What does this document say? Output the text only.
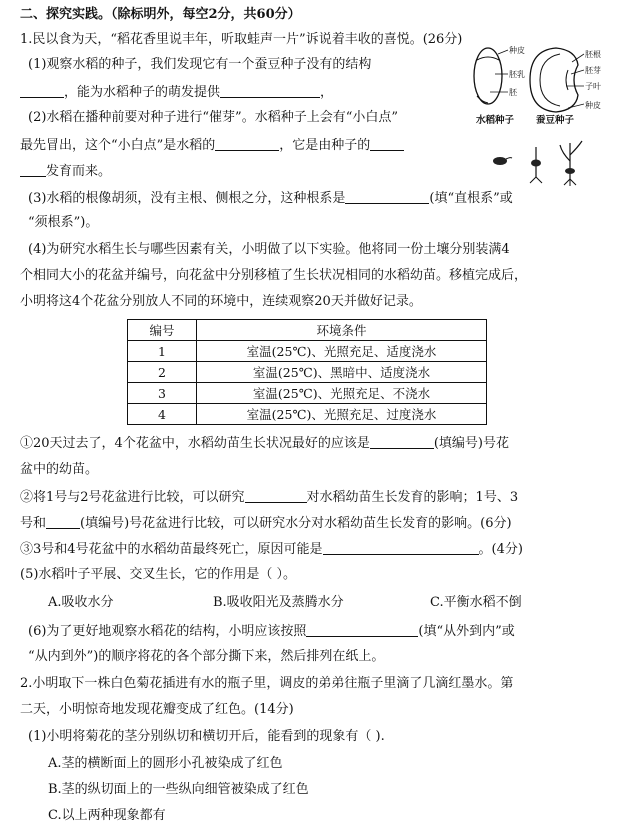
二、探究实践。（除标明外，每空2分，共60分）
1.民以食为天，“稻花香里说丰年，听取蛙声一片”诉说着丰收的喜悦。(26分)
(1)观察水稻的种子，我们发现它有一个蚕豆种子没有的结构
，能为水稻种子的萌发提供	，
种皮
胚乳
胚
胚根
胚芽
子叶
种皮
水稻种子 蚕豆种子
(2)水稻在播种前要对种子进行“催芽”。水稻种子上会有“小白点”
最先冒出，这个“小白点”是水稻的	，它是由种子的
发育而来。
(3)水稻的根像胡须，没有主根、侧根之分，这种根系是	(填“直根系”或
“须根系”)。
(4)为研究水稻生长与哪些因素有关，小明做了以下实验。他将同一份土壤分别装满4
个相同大小的花盆并编号，向花盆中分别移植了生长状况相同的水稻幼苗。移植完成后，
小明将这4个花盆分别放人不同的环境中，连续观察20天并做好记录。
编号	环境条件
1	室温(25℃)、光照充足、适度浇水
2	室温(25℃)、黑暗中、适度浇水
3	室温(25℃)、光照充足、不浇水
4	室温(25℃)、光照充足、过度浇水
①20天过去了，4个花盆中，水稻幼苗生长状况最好的应该是	(填编号)号花
盆中的幼苗。
②将1号与2号花盆进行比较，可以研究	对水稻幼苗生长发育的影响；1号、3
号和	(填编号)号花盆进行比较，可以研究水分对水稻幼苗生长发育的影响。(6分)
③3号和4号花盆中的水稻幼苗最终死亡，原因可能是	。(4分)
(5)水稻叶子平展、交叉生长，它的作用是（ ）。
A.吸收水分	B.吸收阳光及蒸腾水分	C.平衡水稻不倒
(6)为了更好地观察水稻花的结构，小明应该按照	(填“从外到内”或
“从内到外”)的顺序将花的各个部分撕下来，然后排列在纸上。
2.小明取下一株白色菊花插进有水的瓶子里，调皮的弟弟往瓶子里滴了几滴红墨水。第
二天，小明惊奇地发现花瓣变成了红色。(14分)
(1)小明将菊花的茎分别纵切和横切开后，能看到的现象有（ ).
A.茎的横断面上的圆形小孔被染成了红色
B.茎的纵切面上的一些纵向细管被染成了红色
C.以上两种现象都有
